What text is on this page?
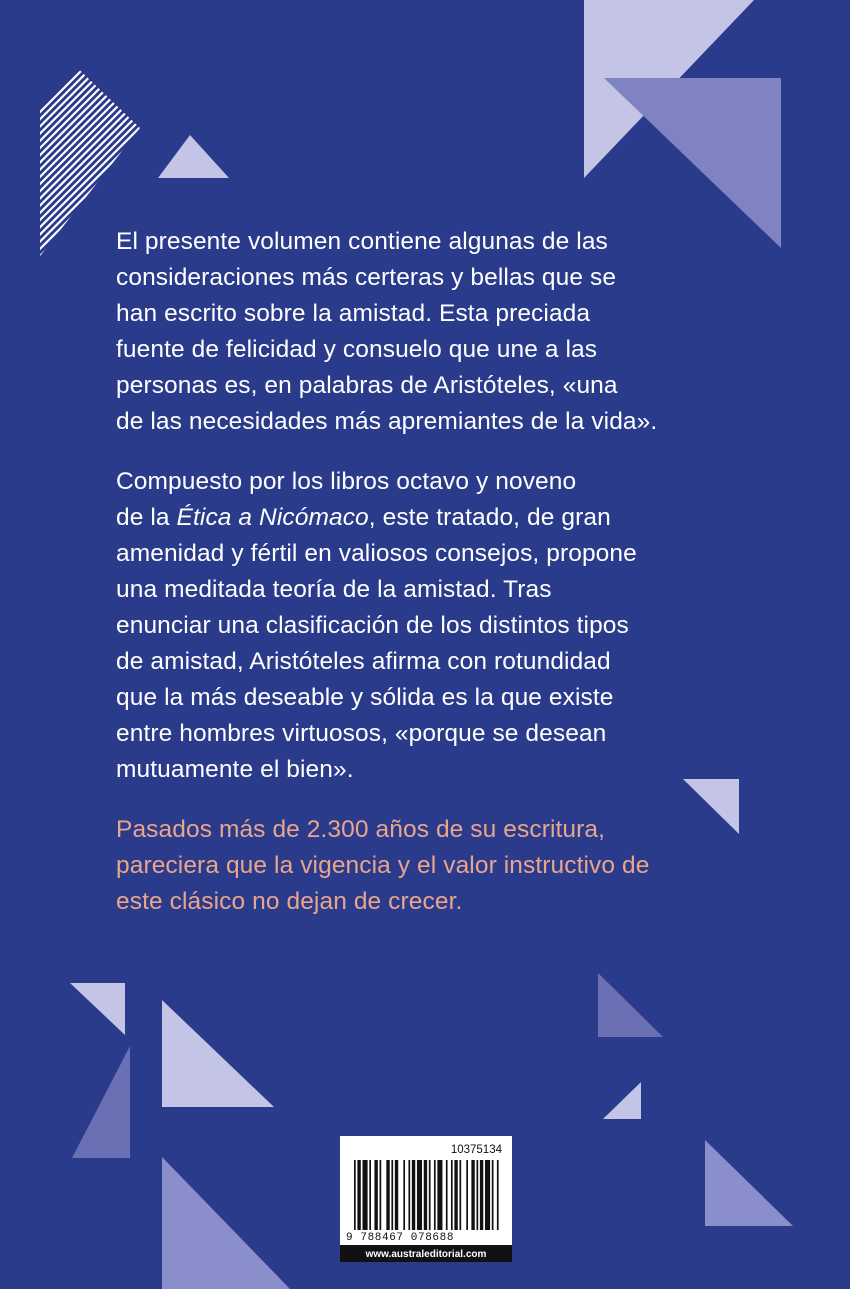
El presente volumen contiene algunas de las
consideraciones más certeras y bellas que se
han escrito sobre la amistad. Esta preciada
fuente de felicidad y consuelo que une a las
personas es, en palabras de Aristóteles, «una
de las necesidades más apremiantes de la vida».
Compuesto por los libros octavo y noveno
de la Ética a Nicómaco, este tratado, de gran
amenidad y fértil en valiosos consejos, propone
una meditada teoría de la amistad. Tras
enunciar una clasificación de los distintos tipos
de amistad, Aristóteles afirma con rotundidad
que la más deseable y sólida es la que existe
entre hombres virtuosos, «porque se desean
mutuamente el bien».
Pasados más de 2.300 años de su escritura,
pareciera que la vigencia y el valor instructivo de
este clásico no dejan de crecer.
10375134
9 788467 078688
www.australeditorial.com
